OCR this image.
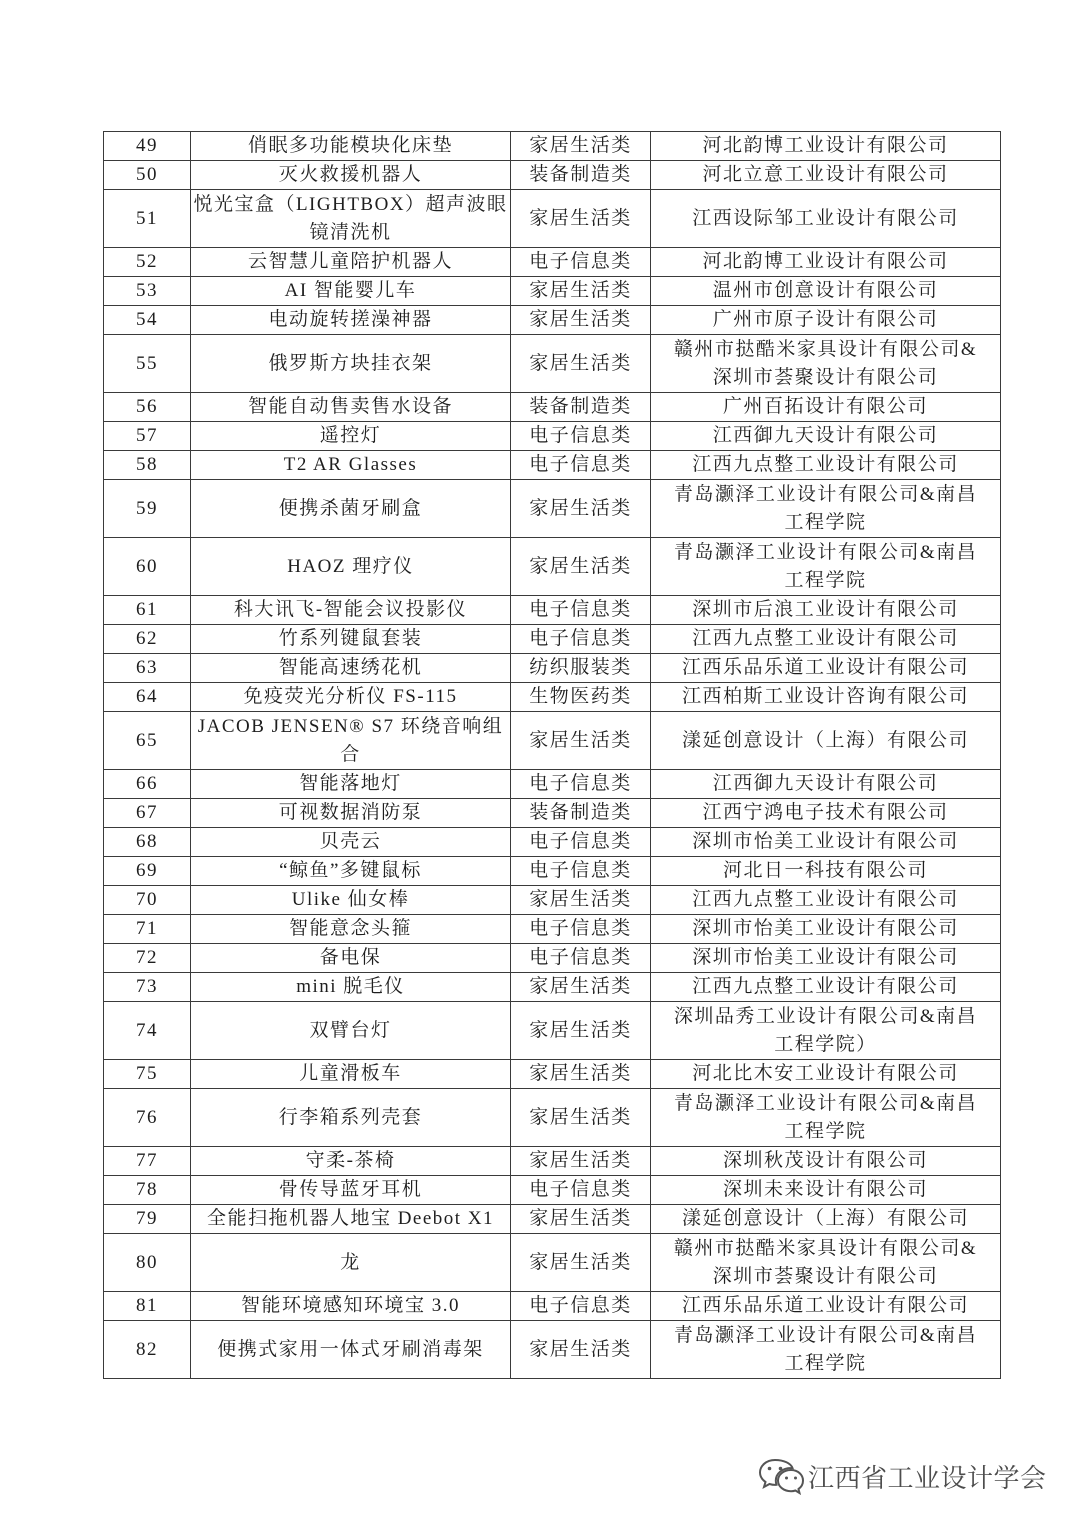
49	俏眠多功能模块化床垫	家居生活类	河北韵博工业设计有限公司
50	灭火救援机器人	装备制造类	河北立意工业设计有限公司
51	悦光宝盒（LIGHTBOX）超声波眼镜清洗机	家居生活类	江西设际邹工业设计有限公司
52	云智慧儿童陪护机器人	电子信息类	河北韵博工业设计有限公司
53	AI 智能婴儿车	家居生活类	温州市创意设计有限公司
54	电动旋转搓澡神器	家居生活类	广州市原子设计有限公司
55	俄罗斯方块挂衣架	家居生活类	赣州市挞酷米家具设计有限公司&深圳市荟聚设计有限公司
56	智能自动售卖售水设备	装备制造类	广州百拓设计有限公司
57	遥控灯	电子信息类	江西御九天设计有限公司
58	T2 AR Glasses	电子信息类	江西九点整工业设计有限公司
59	便携杀菌牙刷盒	家居生活类	青岛灏泽工业设计有限公司&南昌工程学院
60	HAOZ 理疗仪	家居生活类	青岛灏泽工业设计有限公司&南昌工程学院
61	科大讯飞-智能会议投影仪	电子信息类	深圳市后浪工业设计有限公司
62	竹系列键鼠套装	电子信息类	江西九点整工业设计有限公司
63	智能高速绣花机	纺织服装类	江西乐品乐道工业设计有限公司
64	免疫荧光分析仪 FS-115	生物医药类	江西柏斯工业设计咨询有限公司
65	JACOB JENSEN® S7 环绕音响组合	家居生活类	漾延创意设计（上海）有限公司
66	智能落地灯	电子信息类	江西御九天设计有限公司
67	可视数据消防泵	装备制造类	江西宁鸿电子技术有限公司
68	贝壳云	电子信息类	深圳市怡美工业设计有限公司
69	“鲸鱼”多键鼠标	电子信息类	河北日一科技有限公司
70	Ulike 仙女棒	家居生活类	江西九点整工业设计有限公司
71	智能意念头箍	电子信息类	深圳市怡美工业设计有限公司
72	备电保	电子信息类	深圳市怡美工业设计有限公司
73	mini 脱毛仪	家居生活类	江西九点整工业设计有限公司
74	双臂台灯	家居生活类	深圳品秀工业设计有限公司&南昌工程学院）
75	儿童滑板车	家居生活类	河北比木安工业设计有限公司
76	行李箱系列壳套	家居生活类	青岛灏泽工业设计有限公司&南昌工程学院
77	守柔-茶椅	家居生活类	深圳秋茂设计有限公司
78	骨传导蓝牙耳机	电子信息类	深圳未来设计有限公司
79	全能扫拖机器人地宝 Deebot X1	家居生活类	漾延创意设计（上海）有限公司
80	龙	家居生活类	赣州市挞酷米家具设计有限公司&深圳市荟聚设计有限公司
81	智能环境感知环境宝 3.0	电子信息类	江西乐品乐道工业设计有限公司
82	便携式家用一体式牙刷消毒架	家居生活类	青岛灏泽工业设计有限公司&南昌工程学院
江西省工业设计学会
